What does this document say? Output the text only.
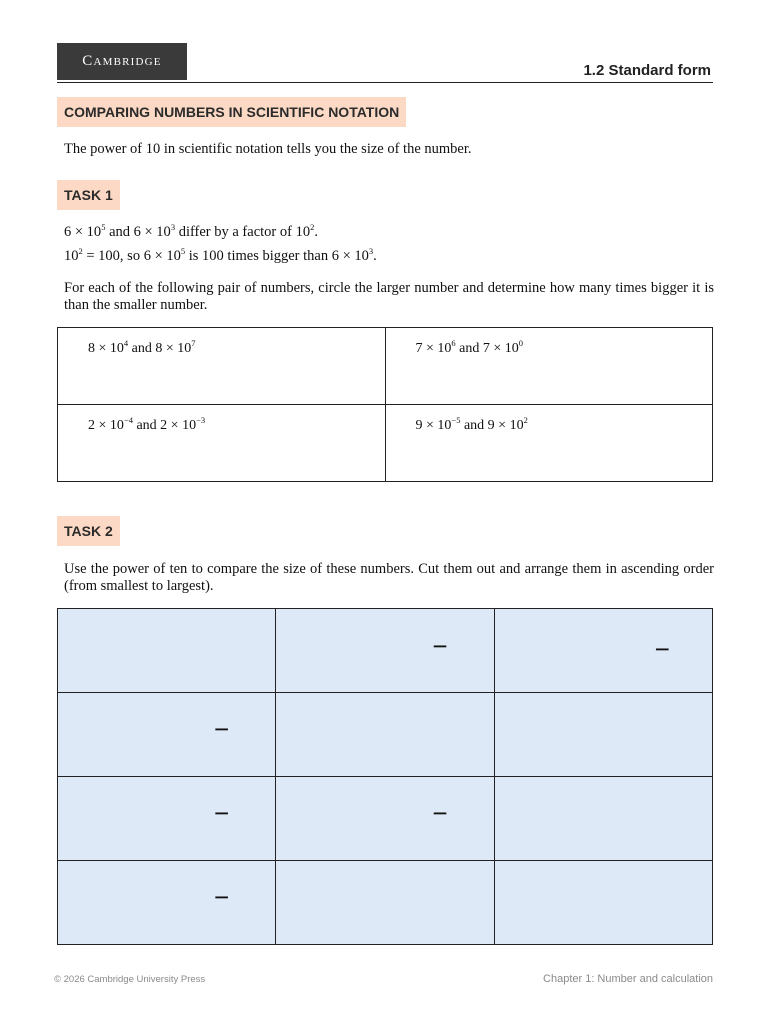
Cambridge
1.2 Standard form
COMPARING NUMBERS IN SCIENTIFIC NOTATION
The power of 10 in scientific notation tells you the size of the number.
TASK 1
$6 \times 10^5$ and $6 \times 10^3$ differ by a factor of $10^2$.
$10^2 = 100$, so $6 \times 10^5$ is 100 times bigger than $6 \times 10^3$.
For each of the following pair of numbers, circle the larger number and determine how many times bigger it is than the smaller number.
$8 \times 10^4$ and $8 \times 10^7$	$7 \times 10^6$ and $7 \times 10^0$
$2 \times 10^{-4}$ and $2 \times 10^{-3}$	$9 \times 10^{-5}$ and $9 \times 10^2$
TASK 2
Use the power of ten to compare the size of these numbers. Cut them out and arrange them in ascending order (from smallest to largest).

	−	−

−		

−	−	

−		

© 2026 Cambridge University Press	Chapter 1: Number and calculation
